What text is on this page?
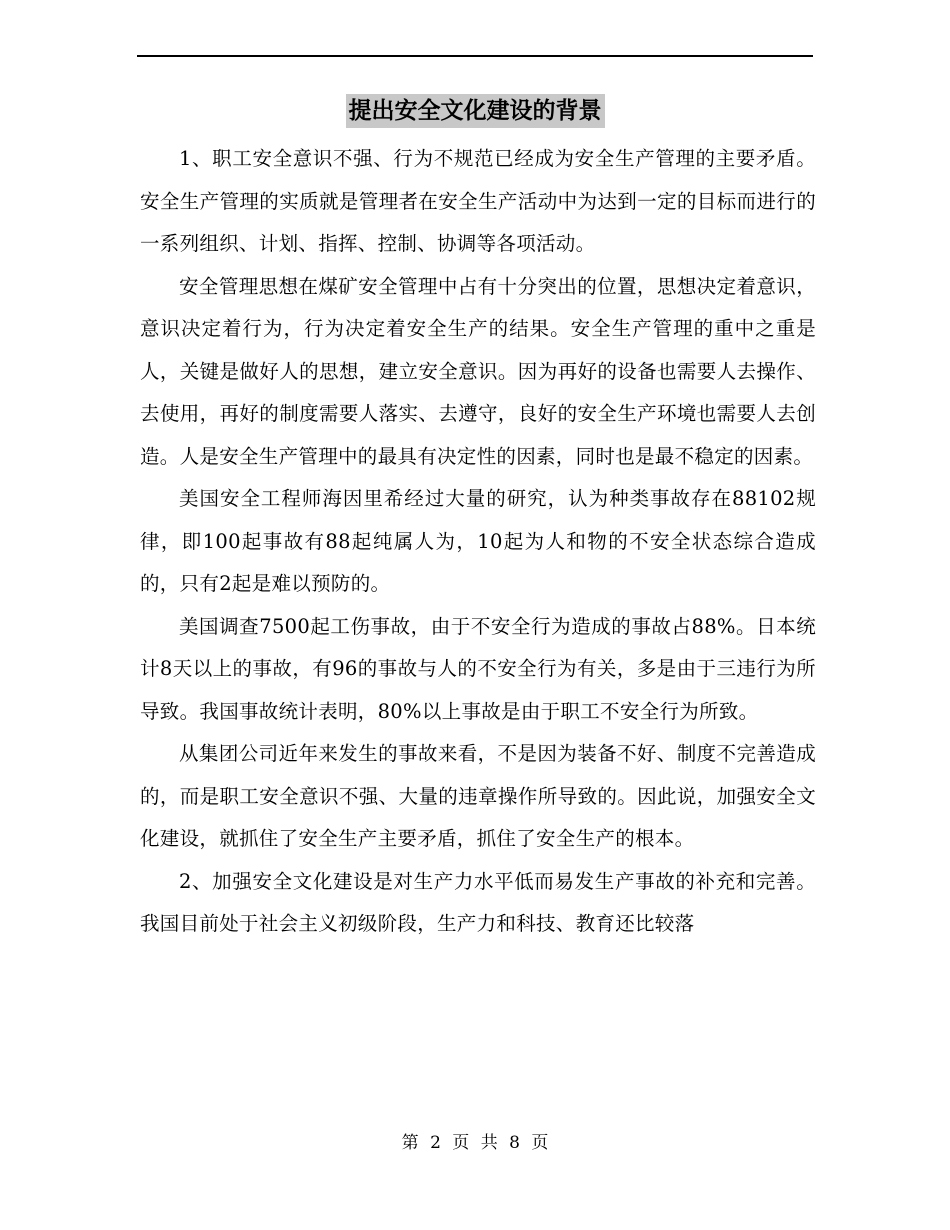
提出安全文化建设的背景

1、职工安全意识不强、行为不规范已经成为安全生产管理的主要矛盾。安全生产管理的实质就是管理者在安全生产活动中为达到一定的目标而进行的一系列组织、计划、指挥、控制、协调等各项活动。

安全管理思想在煤矿安全管理中占有十分突出的位置，思想决定着意识，意识决定着行为，行为决定着安全生产的结果。安全生产管理的重中之重是人，关键是做好人的思想，建立安全意识。因为再好的设备也需要人去操作、去使用，再好的制度需要人落实、去遵守，良好的安全生产环境也需要人去创造。人是安全生产管理中的最具有决定性的因素，同时也是最不稳定的因素。

美国安全工程师海因里希经过大量的研究，认为种类事故存在88102规律，即100起事故有88起纯属人为，10起为人和物的不安全状态综合造成的，只有2起是难以预防的。

美国调查7500起工伤事故，由于不安全行为造成的事故占88%。日本统计8天以上的事故，有96的事故与人的不安全行为有关，多是由于三违行为所导致。我国事故统计表明，80%以上事故是由于职工不安全行为所致。

从集团公司近年来发生的事故来看，不是因为装备不好、制度不完善造成的，而是职工安全意识不强、大量的违章操作所导致的。因此说，加强安全文化建设，就抓住了安全生产主要矛盾，抓住了安全生产的根本。

2、加强安全文化建设是对生产力水平低而易发生产事故的补充和完善。我国目前处于社会主义初级阶段，生产力和科技、教育还比较落

第 2 页 共 8 页
